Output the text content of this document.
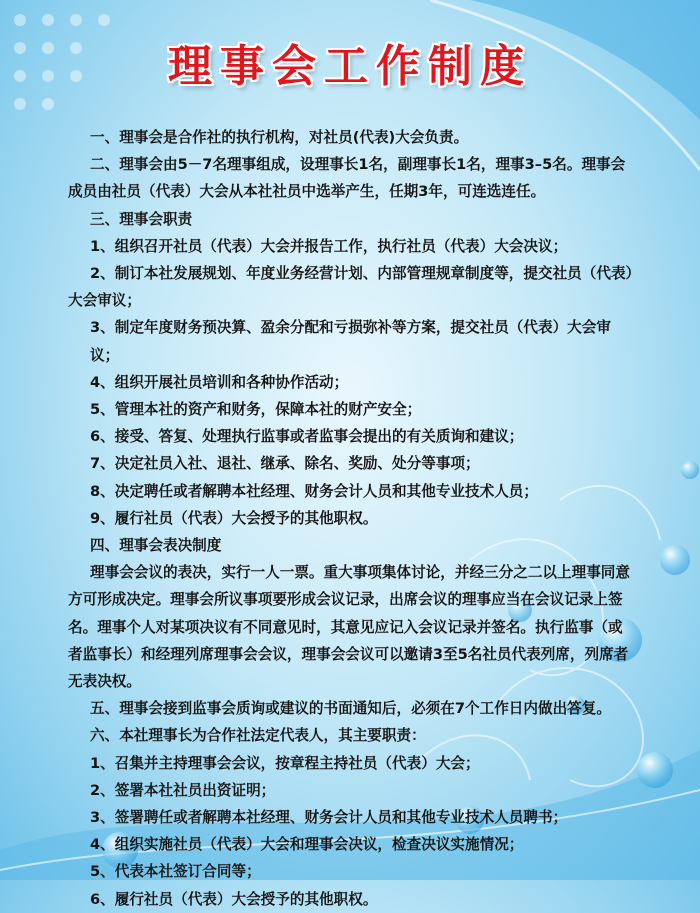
理事会工作制度

一、理事会是合作社的执行机构，对社员(代表)大会负责。

二、理事会由5－7名理事组成，设理事长1名，副理事长1名，理事3–5名。理事会成员由社员（代表）大会从本社社员中选举产生，任期3年，可连选连任。

三、理事会职责

1、组织召开社员（代表）大会并报告工作，执行社员（代表）大会决议；

2、制订本社发展规划、年度业务经营计划、内部管理规章制度等，提交社员（代表）大会审议；

3、制定年度财务预决算、盈余分配和亏损弥补等方案，提交社员（代表）大会审议；

4、组织开展社员培训和各种协作活动；

5、管理本社的资产和财务，保障本社的财产安全；

6、接受、答复、处理执行监事或者监事会提出的有关质询和建议；

7、决定社员入社、退社、继承、除名、奖励、处分等事项；

8、决定聘任或者解聘本社经理、财务会计人员和其他专业技术人员；

9、履行社员（代表）大会授予的其他职权。

四、理事会表决制度

理事会会议的表决，实行一人一票。重大事项集体讨论，并经三分之二以上理事同意方可形成决定。理事会所议事项要形成会议记录，出席会议的理事应当在会议记录上签名。理事个人对某项决议有不同意见时，其意见应记入会议记录并签名。执行监事（或者监事长）和经理列席理事会会议，理事会会议可以邀请3至5名社员代表列席，列席者无表决权。

五、理事会接到监事会质询或建议的书面通知后，必须在7个工作日内做出答复。

六、本社理事长为合作社法定代表人，其主要职责：

1、召集并主持理事会会议，按章程主持社员（代表）大会；

2、签署本社社员出资证明；

3、签署聘任或者解聘本社经理、财务会计人员和其他专业技术人员聘书；

4、组织实施社员（代表）大会和理事会决议，检查决议实施情况；

5、代表本社签订合同等；

6、履行社员（代表）大会授予的其他职权。
